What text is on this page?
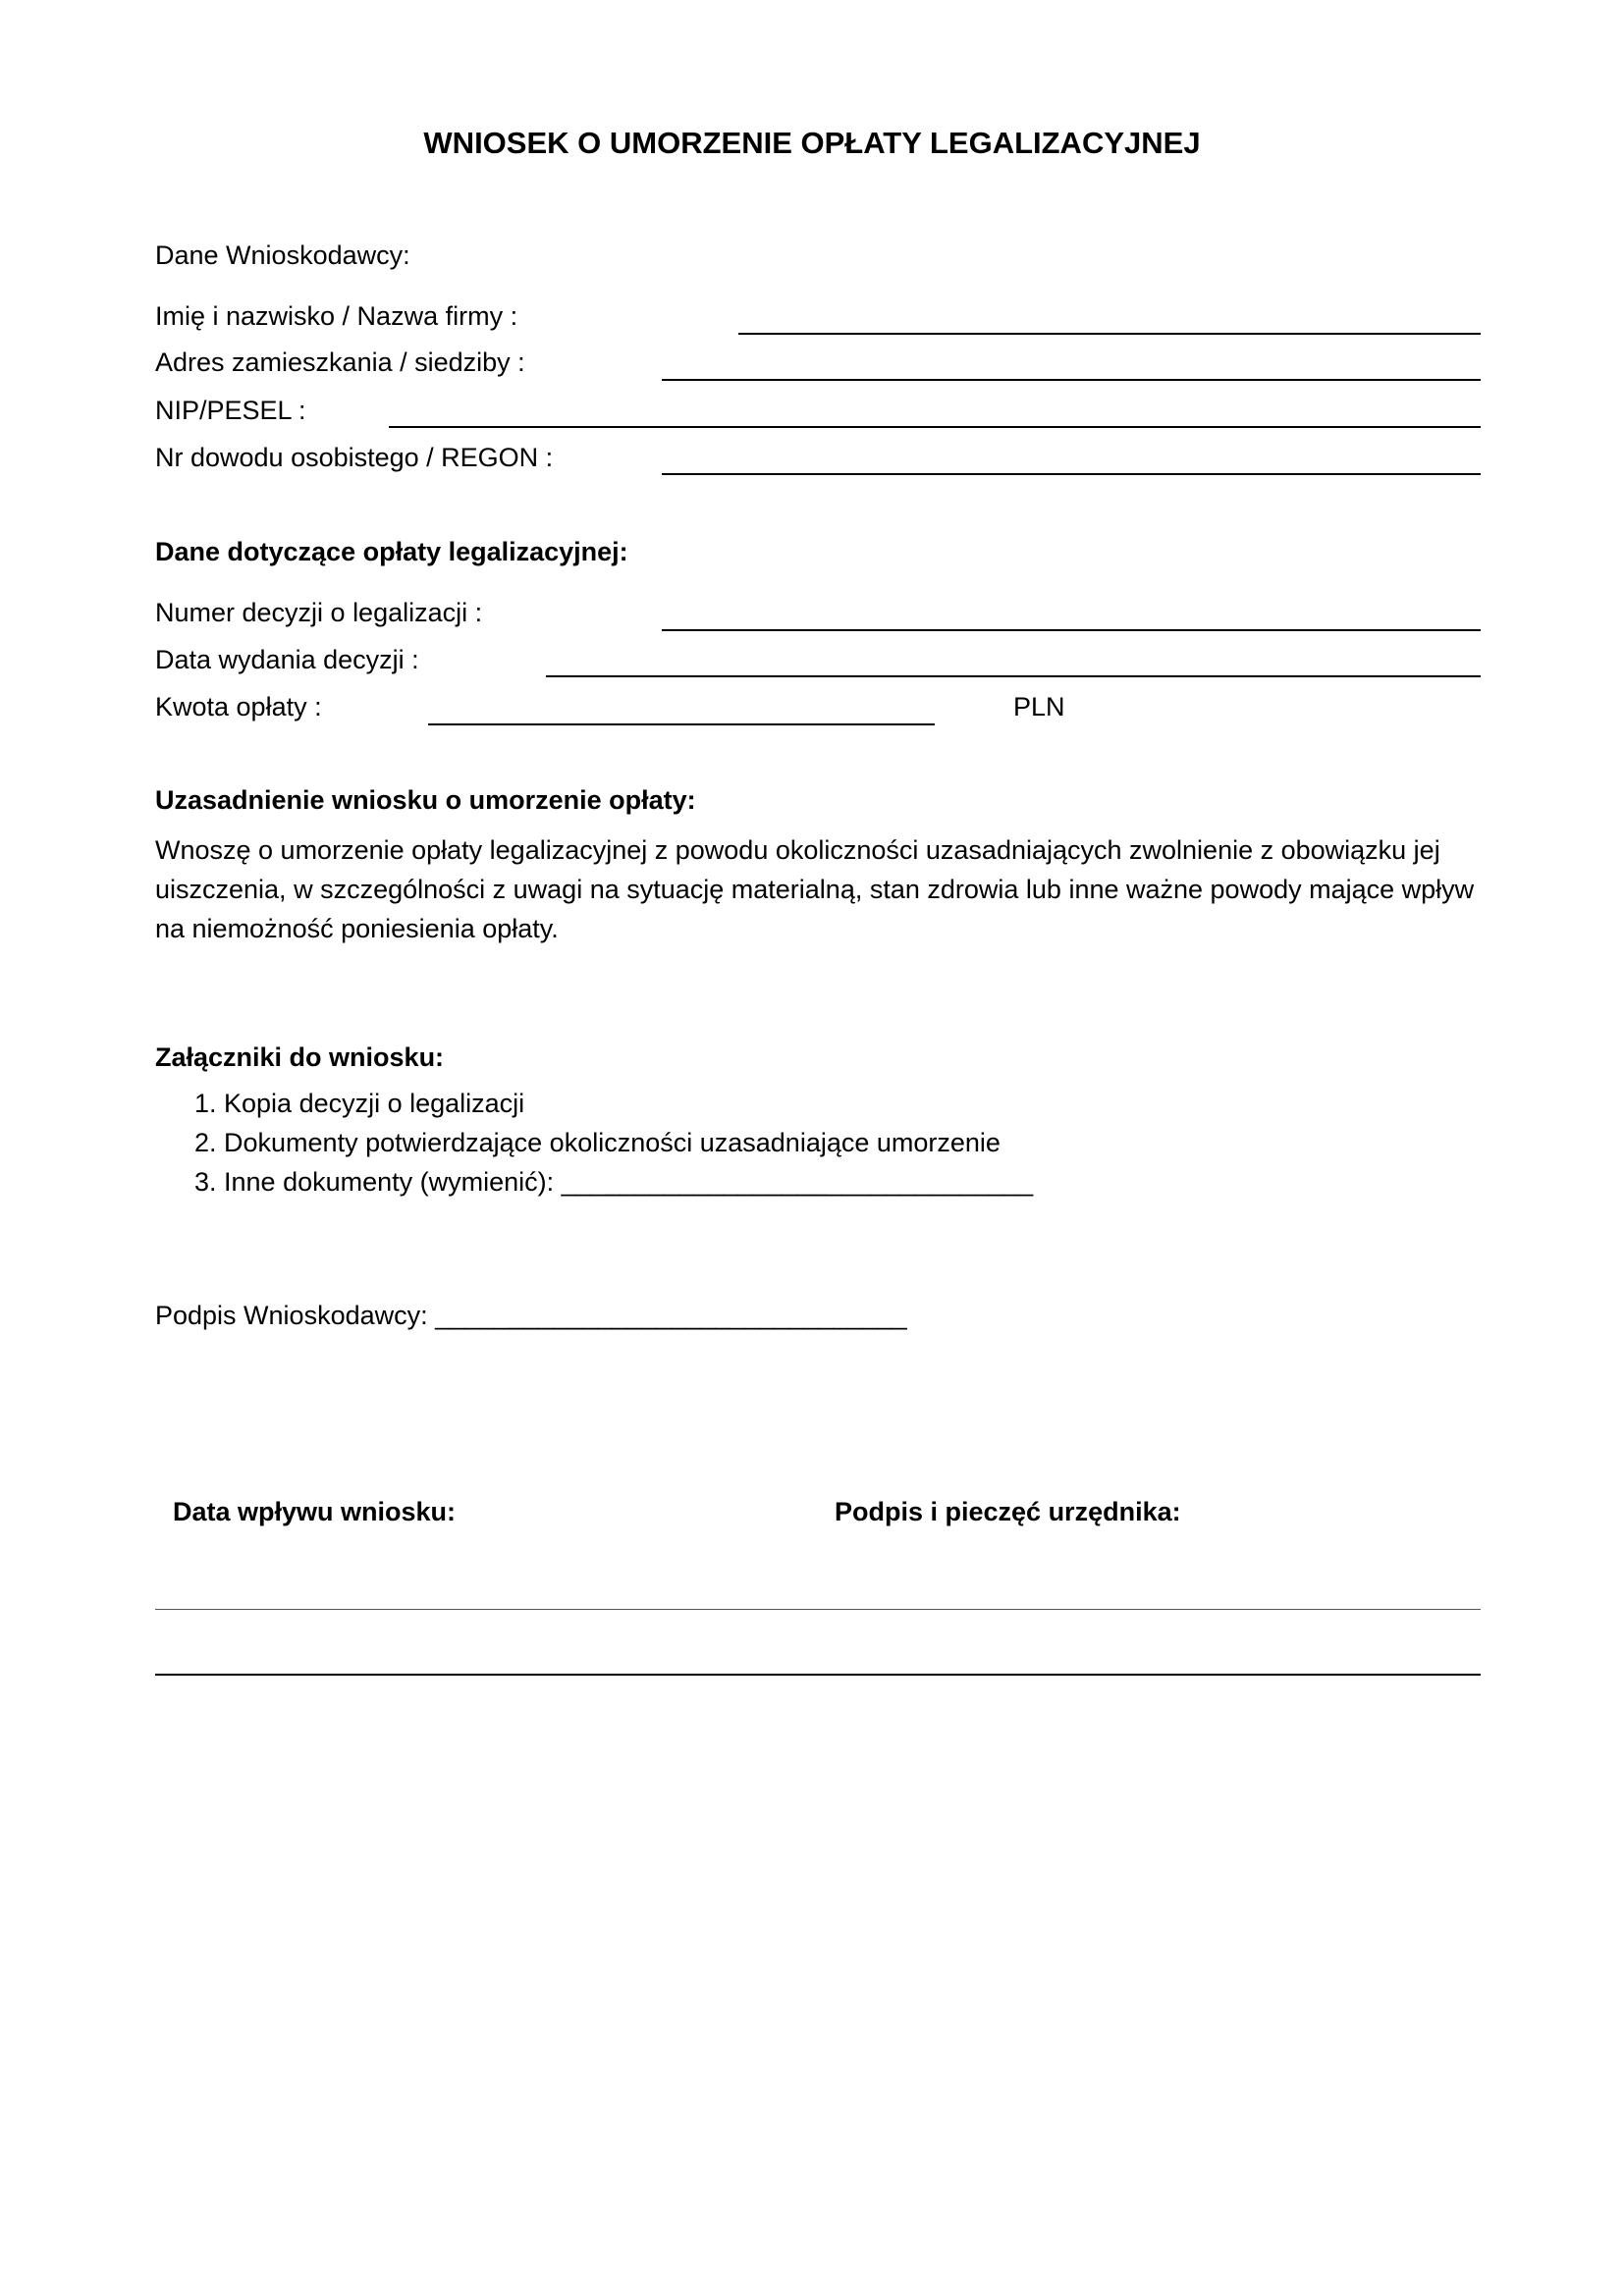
WNIOSEK O UMORZENIE OPŁATY LEGALIZACYJNEJ
Dane Wnioskodawcy:
Imię i nazwisko / Nazwa firmy :
Adres zamieszkania / siedziby :
NIP/PESEL :
Nr dowodu osobistego / REGON :
Dane dotyczące opłaty legalizacyjnej:
Numer decyzji o legalizacji :
Data wydania decyzji :
Kwota opłaty :	PLN
Uzasadnienie wniosku o umorzenie opłaty:
Wnoszę o umorzenie opłaty legalizacyjnej z powodu okoliczności uzasadniających zwolnienie z obowiązku jej uiszczenia, w szczególności z uwagi na sytuację materialną, stan zdrowia lub inne ważne powody mające wpływ na niemożność poniesienia opłaty.
Załączniki do wniosku:
1. Kopia decyzji o legalizacji
2. Dokumenty potwierdzające okoliczności uzasadniające umorzenie
3. Inne dokumenty (wymienić): ________________________________
Podpis Wnioskodawcy: ________________________________
Data wpływu wniosku:	Podpis i pieczęć urzędnika:
